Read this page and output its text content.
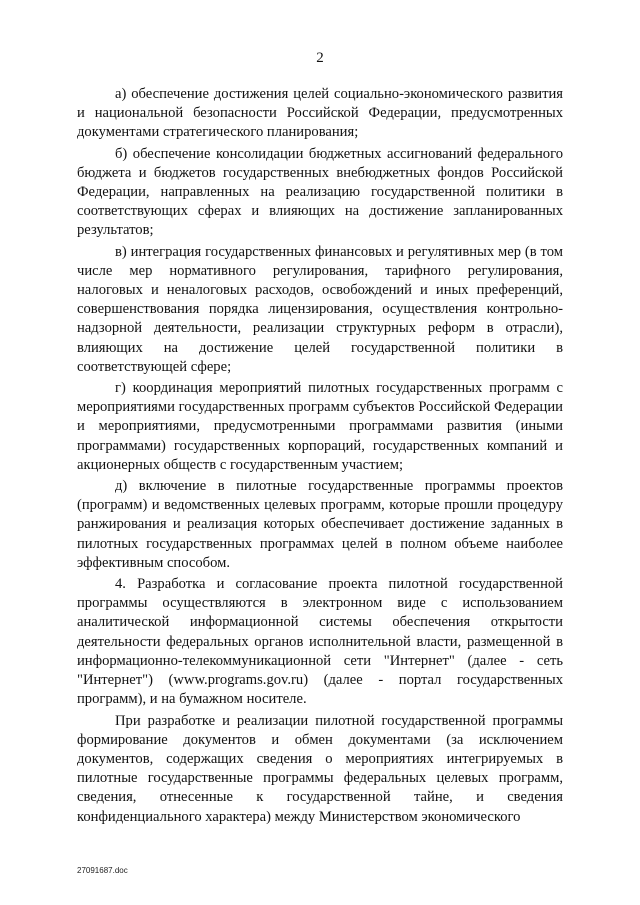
2

а) обеспечение достижения целей социально-экономического развития и национальной безопасности Российской Федерации, предусмотренных документами стратегического планирования;

б) обеспечение консолидации бюджетных ассигнований федерального бюджета и бюджетов государственных внебюджетных фондов Российской Федерации, направленных на реализацию государственной политики в соответствующих сферах и влияющих на достижение запланированных результатов;

в) интеграция государственных финансовых и регулятивных мер (в том числе мер нормативного регулирования, тарифного регулирования, налоговых и неналоговых расходов, освобождений и иных преференций, совершенствования порядка лицензирования, осуществления контрольно-надзорной деятельности, реализации структурных реформ в отрасли), влияющих на достижение целей государственной политики в соответствующей сфере;

г) координация мероприятий пилотных государственных программ с мероприятиями государственных программ субъектов Российской Федерации и мероприятиями, предусмотренными программами развития (иными программами) государственных корпораций, государственных компаний и акционерных обществ с государственным участием;

д) включение в пилотные государственные программы проектов (программ) и ведомственных целевых программ, которые прошли процедуру ранжирования и реализация которых обеспечивает достижение заданных в пилотных государственных программах целей в полном объеме наиболее эффективным способом.

4. Разработка и согласование проекта пилотной государственной программы осуществляются в электронном виде с использованием аналитической информационной системы обеспечения открытости деятельности федеральных органов исполнительной власти, размещенной в информационно-телекоммуникационной сети "Интернет" (далее - сеть "Интернет") (www.programs.gov.ru) (далее - портал государственных программ), и на бумажном носителе.

При разработке и реализации пилотной государственной программы формирование документов и обмен документами (за исключением документов, содержащих сведения о мероприятиях интегрируемых в пилотные государственные программы федеральных целевых программ, сведения, отнесенные к государственной тайне, и сведения конфиденциального характера) между Министерством экономического

27091687.doc
